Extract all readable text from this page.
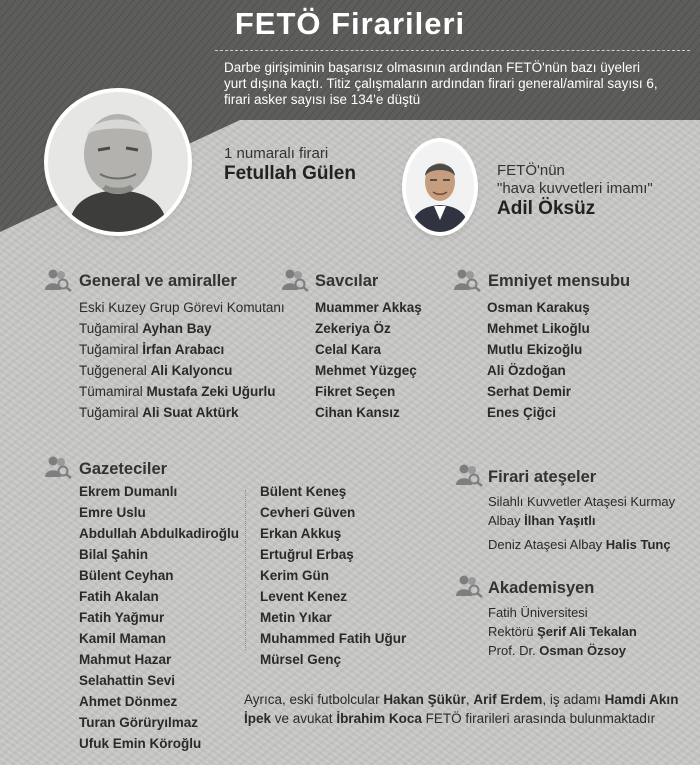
FETÖ Firarileri
Darbe girişiminin başarısız olmasının ardından FETÖ'nün bazı üyeleri yurt dışına kaçtı. Titiz çalışmaların ardından firari general/amiral sayısı 6, firari asker sayısı ise 134'e düştü
1 numaralı firari
Fetullah Gülen	FETÖ'nün
"hava kuvvetleri imamı"
Adil Öksüz
General ve amiraller
Eski Kuzey Grup Görevi Komutanı
Tuğamiral Ayhan Bay
Tuğamiral İrfan Arabacı
Tuğgeneral Ali Kalyoncu
Tümamiral Mustafa Zeki Uğurlu
Tuğamiral Ali Suat Aktürk
Savcılar
Muammer Akkaş
Zekeriya Öz
Celal Kara
Mehmet Yüzgeç
Fikret Seçen
Cihan Kansız
Emniyet mensubu
Osman Karakuş
Mehmet Likoğlu
Mutlu Ekizoğlu
Ali Özdoğan
Serhat Demir
Enes Çiğci
Gazeteciler
Ekrem Dumanlı
Emre Uslu
Abdullah Abdulkadiroğlu
Bilal Şahin
Bülent Ceyhan
Fatih Akalan
Fatih Yağmur
Kamil Maman
Mahmut Hazar
Selahattin Sevi
Ahmet Dönmez
Turan Görüryılmaz
Ufuk Emin Köroğlu
Bülent Keneş
Cevheri Güven
Erkan Akkuş
Ertuğrul Erbaş
Kerim Gün
Levent Kenez
Metin Yıkar
Muhammed Fatih Uğur
Mürsel Genç
Firari ateşeler
Silahlı Kuvvetler Ataşesi Kurmay
Albay İlhan Yaşıtlı
Deniz Ataşesi Albay Halis Tunç
Akademisyen
Fatih Üniversitesi
Rektörü Şerif Ali Tekalan
Prof. Dr. Osman Özsoy
Ayrıca, eski futbolcular Hakan Şükür, Arif Erdem, iş adamı Hamdi Akın İpek ve avukat İbrahim Koca FETÖ firarileri arasında bulunmaktadır
